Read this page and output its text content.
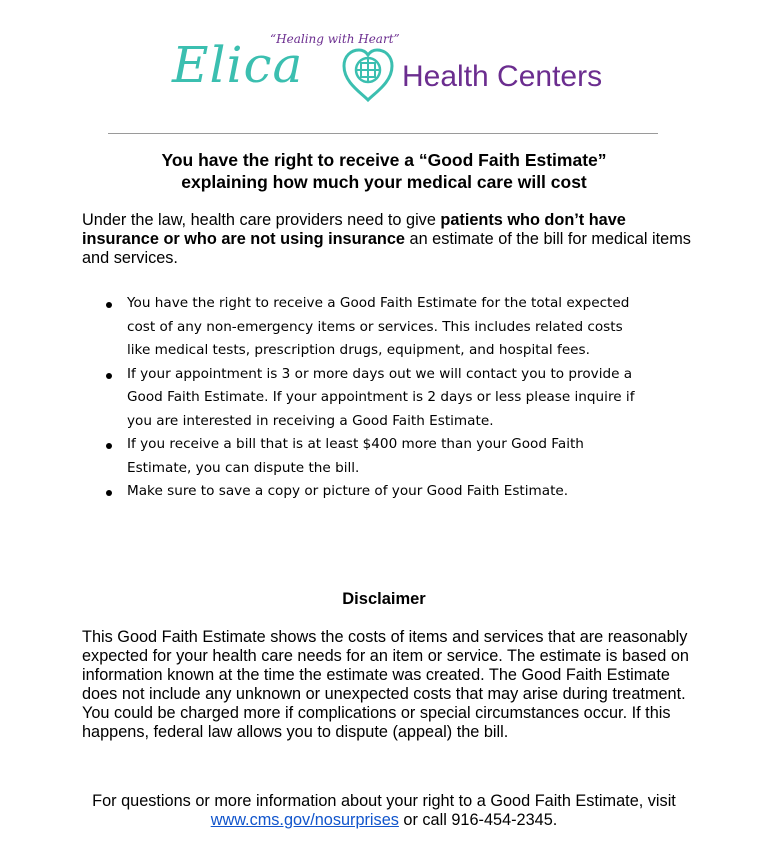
“Healing with Heart”
Elica	Health Centers
You have the right to receive a “Good Faith Estimate”
explaining how much your medical care will cost

Under the law, health care providers need to give patients who don’t have insurance or who are not using insurance an estimate of the bill for medical items and services.

You have the right to receive a Good Faith Estimate for the total expected cost of any non-emergency items or services. This includes related costs like medical tests, prescription drugs, equipment, and hospital fees.
If your appointment is 3 or more days out we will contact you to provide a Good Faith Estimate. If your appointment is 2 days or less please inquire if you are interested in receiving a Good Faith Estimate.
If you receive a bill that is at least $400 more than your Good Faith Estimate, you can dispute the bill.
Make sure to save a copy or picture of your Good Faith Estimate.
Disclaimer

This Good Faith Estimate shows the costs of items and services that are reasonably expected for your health care needs for an item or service. The estimate is based on information known at the time the estimate was created. The Good Faith Estimate does not include any unknown or unexpected costs that may arise during treatment. You could be charged more if complications or special circumstances occur. If this happens, federal law allows you to dispute (appeal) the bill.

For questions or more information about your right to a Good Faith Estimate, visit www.cms.gov/nosurprises or call 916-454-2345.
